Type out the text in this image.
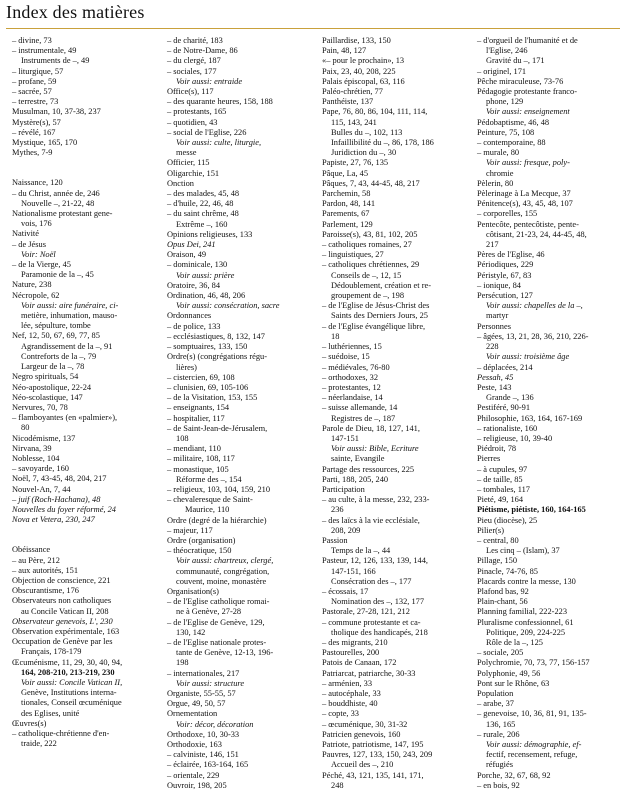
Index des matières
– divine, 73
– instrumentale, 49
Instruments de –, 49
– liturgique, 57
– profane, 59
– sacrée, 57
– terrestre, 73
Musulman, 10, 37-38, 237
Mystère(s), 57
– révélé, 167
Mystique, 165, 170
Mythes, 7-9
Naissance, 120
– du Christ, année de, 246
Nouvelle –, 21-22, 48
Nationalisme protestant gene-
vois, 176
Nativité
– de Jésus
Voir: Noël
– de la Vierge, 45
Paramonie de la –, 45
Nature, 238
Nécropole, 62
Voir aussi: aire funéraire, ci-
metière, inhumation, mauso-
lée, sépulture, tombe
Nef, 12, 50, 67, 69, 77, 85
Agrandissement de la –, 91
Contreforts de la –, 79
Largeur de la –, 78
Negro spirituals, 54
Néo-apostolique, 22-24
Néo-scolastique, 147
Nervures, 70, 78
– flamboyantes (en «palmier»),
80
Nicodémisme, 137
Nirvana, 39
Noblesse, 104
– savoyarde, 160
Noël, 7, 43-45, 48, 204, 217
Nouvel-An, 7, 44
– juif (Roch-Hachana), 48
Nouvelles du foyer réformé, 24
Nova et Vetera, 230, 247
Obéissance
– au Père, 212
– aux autorités, 151
Objection de conscience, 221
Obscurantisme, 176
Observateurs non catholiques
au Concile Vatican II, 208
Observateur genevois, L', 230
Observation expérimentale, 163
Occupation de Genève par les
Français, 178-179
Œcuménisme, 11, 29, 30, 40, 94,
164, 208-210, 213-219, 230
Voir aussi: Concile Vatican II,
Genève, Institutions interna-
tionales, Conseil œcuménique
des Eglises, unité
Œuvres(s)
– catholique-chrétienne d'en-
traide, 222
– de charité, 183
– de Notre-Dame, 86
– du clergé, 187
– sociales, 177
Voir aussi: entraide
Office(s), 117
– des quarante heures, 158, 188
– protestants, 165
– quotidien, 43
– social de l'Eglise, 226
Voir aussi: culte, liturgie,
messe
Officier, 115
Oligarchie, 151
Onction
– des malades, 45, 48
– d'huile, 22, 46, 48
– du saint chrême, 48
Extrême –, 160
Opinions religieuses, 133
Opus Dei, 241
Oraison, 49
– dominicale, 130
Voir aussi: prière
Oratoire, 36, 84
Ordination, 46, 48, 206
Voir aussi: consécration, sacre
Ordonnances
– de police, 133
– ecclésiastiques, 8, 132, 147
– somptuaires, 133, 150
Ordre(s) (congrégations régu-
lières)
– cistercien, 69, 108
– clunisien, 69, 105-106
– de la Visitation, 153, 155
– enseignants, 154
– hospitalier, 117
– de Saint-Jean-de-Jérusalem,
108
– mendiant, 110
– militaire, 108, 117
– monastique, 105
Réforme des –, 154
– religieux, 103, 104, 159, 210
– chevaleresque de Saint-
Maurice, 110
Ordre (degré de la hiérarchie)
– majeur, 117
Ordre (organisation)
– théocratique, 150
Voir aussi: chartreux, clergé,
communauté, congrégation,
couvent, moine, monastère
Organisation(s)
– de l'Eglise catholique romai-
ne à Genève, 27-28
– de l'Eglise de Genève, 129,
130, 142
– de l'Eglise nationale protes-
tante de Genève, 12-13, 196-
198
– internationales, 217
Voir aussi: structure
Organiste, 55-55, 57
Orgue, 49, 50, 57
Ornementation
Voir: décor, décoration
Orthodoxe, 10, 30-33
Orthodoxie, 163
– calviniste, 146, 151
– éclairée, 163-164, 165
– orientale, 229
Ouvroir, 198, 205
Paillardise, 133, 150
Pain, 48, 127
«– pour le prochain», 13
Paix, 23, 40, 208, 225
Palais épiscopal, 63, 116
Paléo-chrétien, 77
Panthéiste, 137
Pape, 76, 80, 86, 104, 111, 114,
115, 143, 241
Bulles du –, 102, 113
Infaillibilité du –, 86, 178, 186
Juridiction du –, 30
Papiste, 27, 76, 135
Pâque, La, 45
Pâques, 7, 43, 44-45, 48, 217
Parchemin, 58
Pardon, 48, 141
Parements, 67
Parlement, 129
Paroisse(s), 43, 81, 102, 205
– catholiques romaines, 27
– linguistiques, 27
– catholiques chrétiennes, 29
Conseils de –, 12, 15
Dédoublement, création et re-
groupement de –, 198
– de l'Eglise de Jésus-Christ des
Saints des Derniers Jours, 25
– de l'Eglise évangélique libre,
18
– luthériennes, 15
– suédoise, 15
– médiévales, 76-80
– orthodoxes, 32
– protestantes, 12
– néerlandaise, 14
– suisse allemande, 14
Registres de –, 187
Parole de Dieu, 18, 127, 141,
147-151
Voir aussi: Bible, Ecriture
sainte, Evangile
Partage des ressources, 225
Parti, 188, 205, 240
Participation
– au culte, à la messe, 232, 233-
236
– des laïcs à la vie ecclésiale,
208, 209
Passion
Temps de la –, 44
Pasteur, 12, 126, 133, 139, 144,
147-151, 166
Consécration des –, 177
– écossais, 17
Nomination des –, 132, 177
Pastorale, 27-28, 121, 212
– commune protestante et ca-
tholique des handicapés, 218
– des migrants, 210
Pastourelles, 200
Patois de Canaan, 172
Patriarcat, patriarche, 30-33
– arménien, 33
– autocéphale, 33
– bouddhiste, 40
– copte, 33
– œcuménique, 30, 31-32
Patricien genevois, 160
Patriote, patriotisme, 147, 195
Pauvres, 127, 133, 150, 243, 209
Accueil des –, 210
Péché, 43, 121, 135, 141, 171,
248
– d'orgueil de l'humanité et de
l'Eglise, 246
Gravité du –, 171
– originel, 171
Pêche miraculeuse, 73-76
Pédagogie protestante franco-
phone, 129
Voir aussi: enseignement
Pédobaptisme, 46, 48
Peinture, 75, 108
– contemporaine, 88
– murale, 80
Voir aussi: fresque, poly-
chromie
Pèlerin, 80
Pèlerinage à La Mecque, 37
Pénitence(s), 43, 45, 48, 107
– corporelles, 155
Pentecôte, pentecôtiste, pente-
côtisant, 21-23, 24, 44-45, 48,
217
Pères de l'Eglise, 46
Périodiques, 229
Péristyle, 67, 83
– ionique, 84
Persécution, 127
Voir aussi: chapelles de la –,
martyr
Personnes
– âgées, 13, 21, 28, 36, 210, 226-
228
Voir aussi: troisième âge
– déplacées, 214
Pessah, 45
Peste, 143
Grande –, 136
Pestiféré, 90-91
Philosophie, 163, 164, 167-169
– rationaliste, 160
– religieuse, 10, 39-40
Piédroit, 78
Pierres
– à cupules, 97
– de taille, 85
– tombales, 117
Pieté, 49, 164
Piétisme, piétiste, 160, 164-165
Pieu (diocèse), 25
Pilier(s)
– central, 80
Les cinq – (Islam), 37
Pillage, 150
Pinacle, 74-76, 85
Placards contre la messe, 130
Plafond bas, 92
Plain-chant, 56
Planning familial, 222-223
Pluralisme confessionnel, 61
Politique, 209, 224-225
Rôle de la –, 125
– sociale, 205
Polychromie, 70, 73, 77, 156-157
Polyphonie, 49, 56
Pont sur le Rhône, 63
Population
– arabe, 37
– genevoise, 10, 36, 81, 91, 135-
136, 165
– rurale, 206
Voir aussi: démographie, ef-
fectif, recensement, refuge,
réfugiés
Porche, 32, 67, 68, 92
– en bois, 92
